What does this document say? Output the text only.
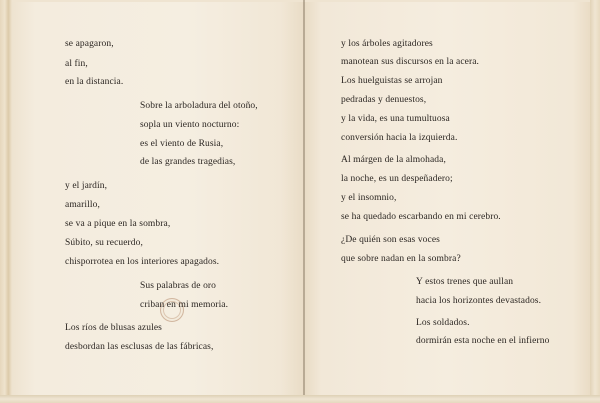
se apagaron,
al fin,
en la distancia.
Sobre la arboladura del otoño,
sopla un viento nocturno:
es el viento de Rusia,
de las grandes tragedias,
y el jardín,
amarillo,
se va a pique en la sombra,
Súbito, su recuerdo,
chisporrotea en los interiores apagados.
Sus palabras de oro
criban en mi memoria.
Los ríos de blusas azules
desbordan las esclusas de las fábricas,
y los árboles agitadores
manotean sus discursos en la acera.
Los huelguistas se arrojan
pedradas y denuestos,
y la vida, es una tumultuosa
conversión hacia la izquierda.
Al márgen de la almohada,
la noche, es un despeñadero;
y el insomnio,
se ha quedado escarbando en mi cerebro.
¿De quién son esas voces
que sobre nadan en la sombra?
Y estos trenes que aullan
hacia los horizontes devastados.
Los soldados.
dormirán esta noche en el infierno
